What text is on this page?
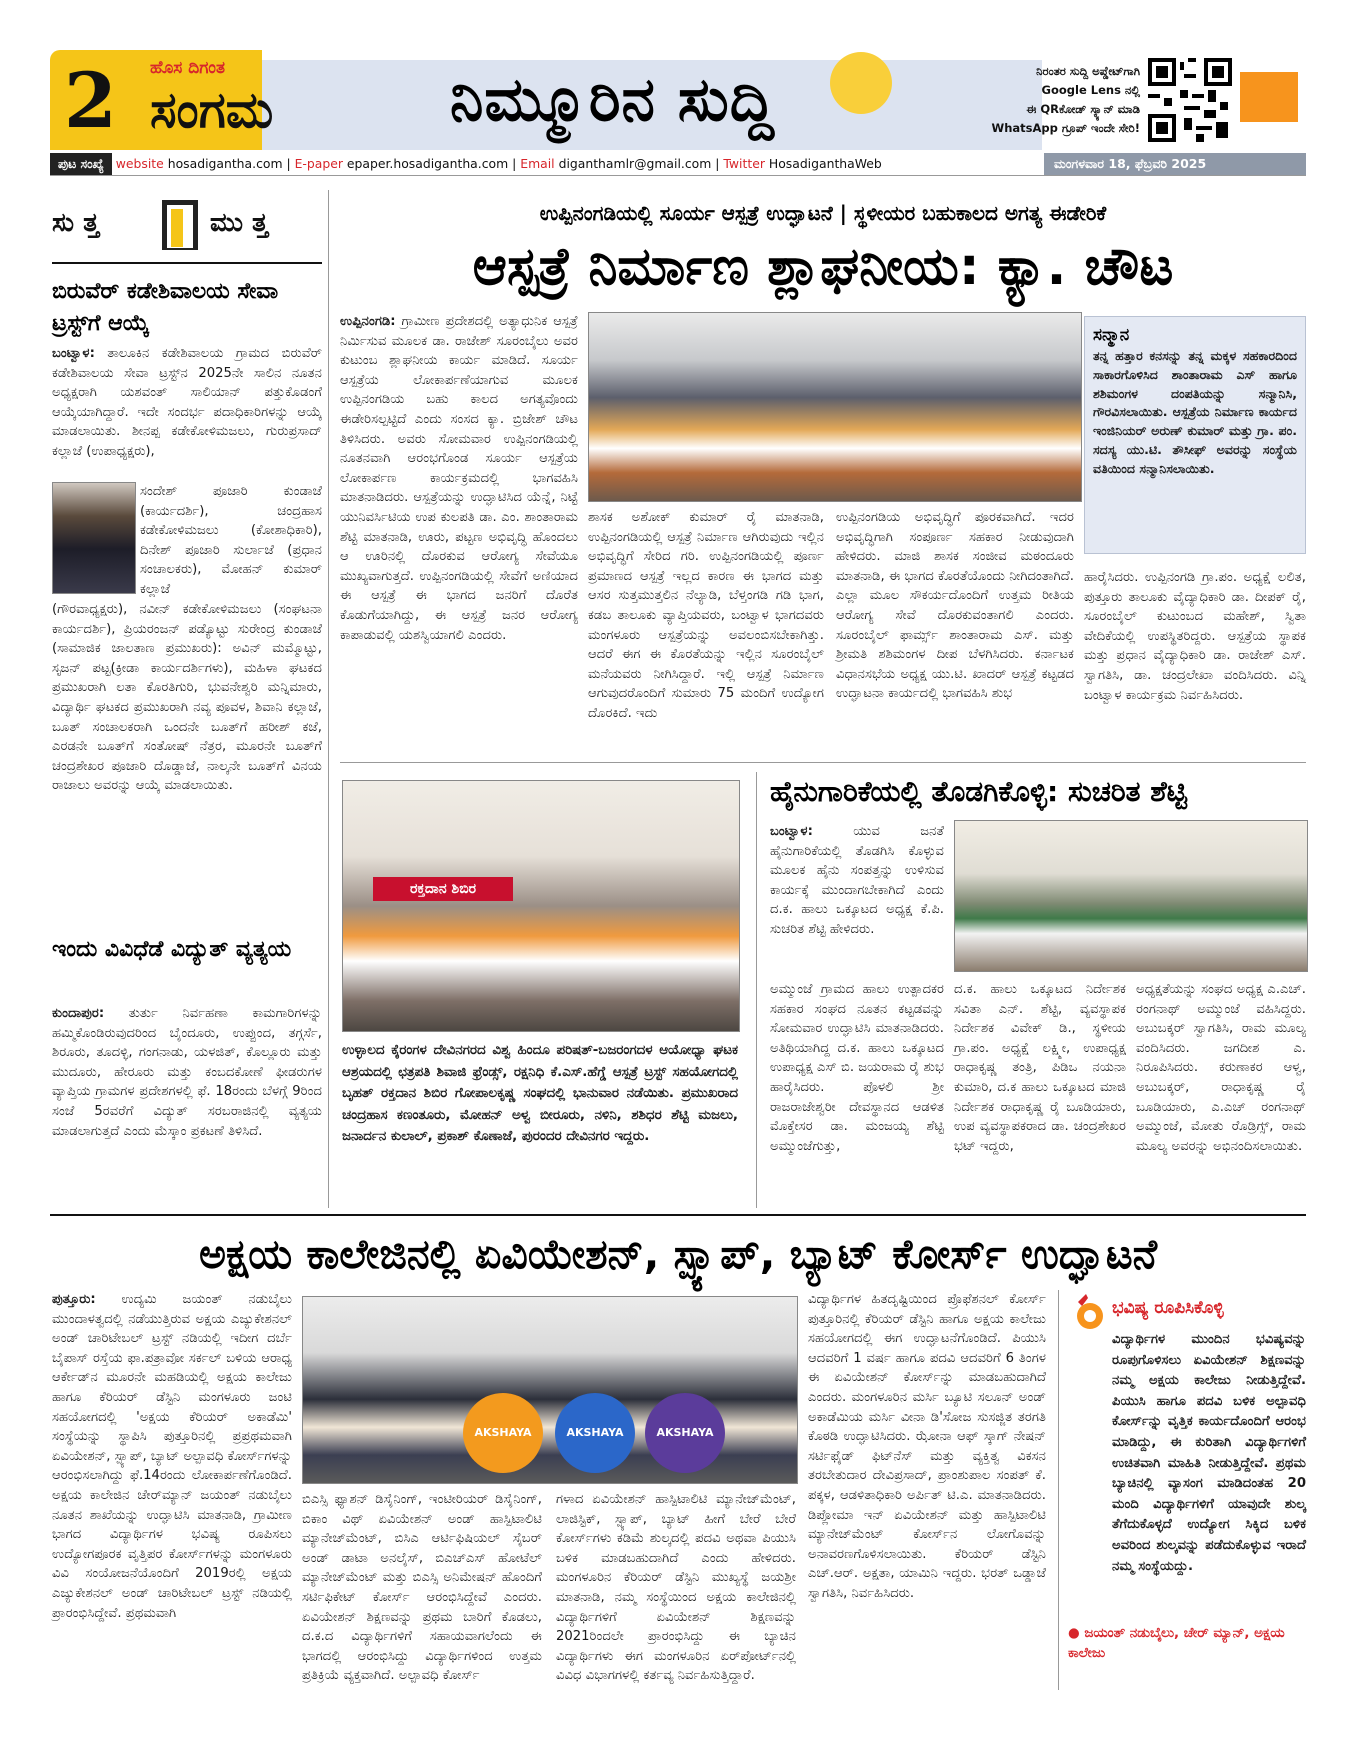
2 ಹೊಸ ದಿಗಂತ
ಸಂಗಮ	ನಿಮ್ಮೂರಿನ ಸುದ್ದಿ	ನಿರಂತರ ಸುದ್ದಿ ಅಪ್ಡೇಟ್‌ಗಾಗಿ
Google Lens ನಲ್ಲಿ
ಈ QRಕೋಡ್ ಸ್ಕ್ಯಾನ್ ಮಾಡಿ
WhatsApp ಗ್ರೂಪ್ ಇಂದೇ ಸೇರಿ!
ಪುಟ ಸಂಖ್ಯೆ website hosadigantha.com | E-paper epaper.hosadigantha.com | Email diganthamlr@gmail.com | Twitter HosadiganthaWeb	ಮಂಗಳವಾರ 18, ಫೆಬ್ರವರಿ 2025
ಸು ತ್ತ	ಮು ತ್ತ
ಬಿರುವೆರ್ ಕಡೇಶಿವಾಲಯ ಸೇವಾ ಟ್ರಸ್ಟ್‌ಗೆ ಆಯ್ಕೆ
ಬಂಟ್ವಾಳ: ತಾಲೂಕಿನ ಕಡೇಶಿವಾಲಯ ಗ್ರಾಮದ ಬಿರುವೆರ್ ಕಡೇಶಿವಾಲಯ ಸೇವಾ ಟ್ರಸ್ಟ್‌ನ 2025ನೇ ಸಾಲಿನ ನೂತನ ಅಧ್ಯಕ್ಷರಾಗಿ ಯಶವಂತ್ ಸಾಲಿಯಾನ್ ಪತ್ತುಕೊಡಂಗೆ ಆಯ್ಕೆಯಾಗಿದ್ದಾರೆ. ಇದೇ ಸಂದರ್ಭ ಪದಾಧಿಕಾರಿಗಳನ್ನು ಆಯ್ಕೆ ಮಾಡಲಾಯಿತು. ಶೀನಪ್ಪ ಕಡೇಕೋಳಿಮಜಲು, ಗುರುಪ್ರಸಾದ್ ಕಲ್ಲಾಜೆ (ಉಪಾಧ್ಯಕ್ಷರು),
ಸಂದೇಶ್ ಪೂಜಾರಿ ಕುಂಡಾಜೆ (ಕಾರ್ಯದರ್ಶಿ), ಚಂದ್ರಹಾಸ ಕಡೇಕೋಳಿಮಜಲು (ಕೋಶಾಧಿಕಾರಿ), ದಿನೇಶ್ ಪೂಜಾರಿ ಸುರ್ಲಾಜೆ (ಪ್ರಧಾನ ಸಂಚಾಲಕರು), ಮೋಹನ್ ಕುಮಾರ್ ಕಲ್ಲಾಜೆ
(ಗೌರವಾಧ್ಯಕ್ಷರು), ನವೀನ್ ಕಡೇಕೋಳಿಮಜಲು (ಸಂಘಟನಾ ಕಾರ್ಯದರ್ಶಿ), ಪ್ರಿಯರಂಜನ್ ಪಡ್ಯೊಟ್ಟು ಸುರೇಂದ್ರ ಕುಂಡಾಜೆ (ಸಾಮಾಜಿಕ ಜಾಲತಾಣ ಪ್ರಮುಖರು): ಅವಿನ್ ಮಮ್ಮೊಟ್ಟು, ಸೃಜನ್ ಪಟ್ಟ(ಕ್ರೀಡಾ ಕಾರ್ಯದರ್ಶಿಗಳು), ಮಹಿಳಾ ಘಟಕದ ಪ್ರಮುಖರಾಗಿ ಲತಾ ಕೊರತಿಗುರಿ, ಭುವನೇಶ್ವರಿ ಮನ್ನಿಮಾರು, ವಿದ್ಯಾರ್ಥಿ ಘಟಕದ ಪ್ರಮುಖರಾಗಿ ನವ್ಯ ಪೂವಳ, ಶಿವಾನಿ ಕಲ್ಲಾಜೆ, ಬೂತ್ ಸಂಚಾಲಕರಾಗಿ ಒಂದನೇ ಬೂತ್‌ಗೆ ಹರೀಶ್ ಕಜೆ, ಎರಡನೇ ಬೂತ್‌ಗೆ ಸಂತೋಷ್ ನೆತ್ರರ, ಮೂರನೇ ಬೂತ್‌ಗೆ ಚಂದ್ರಶೇಖರ ಪೂಜಾರಿ ದೊಡ್ಡಾಜೆ, ನಾಲ್ಕನೇ ಬೂತ್‌ಗೆ ವಿನಯ ರಾಜಾಲು ಅವರನ್ನು ಆಯ್ಕೆ ಮಾಡಲಾಯಿತು.
ಇಂದು ವಿವಿಧೆಡೆ ವಿದ್ಯುತ್ ವ್ಯತ್ಯಯ
ಕುಂದಾಪುರ: ತುರ್ತು ನಿರ್ವಹಣಾ ಕಾಮಗಾರಿಗಳನ್ನು ಹಮ್ಮಿಕೊಂಡಿರುವುದರಿಂದ ಬೈಂದೂರು, ಉಪ್ಪುಂದ, ತಗ್ಗರ್ಸೆ, ಶಿರೂರು, ತೂದಳ್ಳಿ, ಗಂಗನಾಡು, ಯಳಜಿತ್, ಕೊಲ್ಲೂರು ಮತ್ತು ಮುದೂರು, ಹೇರೂರು ಮತ್ತು ಕಂಬದಕೋಣೆ ಫೀಡರುಗಳ ವ್ಯಾಪ್ತಿಯ ಗ್ರಾಮಗಳ ಪ್ರದೇಶಗಳಲ್ಲಿ ಫೆ. 18ರಂದು ಬೆಳಗ್ಗೆ 9ರಿಂದ ಸಂಜೆ 5ರವರೆಗೆ ವಿದ್ಯುತ್ ಸರಬರಾಜಿನಲ್ಲಿ ವ್ಯತ್ಯಯ ಮಾಡಲಾಗುತ್ತದೆ ಎಂದು ಮೆಸ್ಕಾಂ ಪ್ರಕಟಣೆ ತಿಳಿಸಿದೆ.
ಉಪ್ಪಿನಂಗಡಿಯಲ್ಲಿ ಸೂರ್ಯ ಆಸ್ಪತ್ರೆ ಉದ್ಘಾಟನೆ | ಸ್ಥಳೀಯರ ಬಹುಕಾಲದ ಅಗತ್ಯ ಈಡೇರಿಕೆ
ಆಸ್ಪತ್ರೆ ನಿರ್ಮಾಣ ಶ್ಲಾಘನೀಯ: ಕ್ಯಾ. ಚೌಟ
ಉಪ್ಪಿನಂಗಡಿ: ಗ್ರಾಮೀಣ ಪ್ರದೇಶದಲ್ಲಿ ಅತ್ಯಾಧುನಿಕ ಆಸ್ಪತ್ರೆ ನಿರ್ಮಿಸುವ ಮೂಲಕ ಡಾ. ರಾಜೇಶ್ ಸೂರಂಬೈಲು ಅವರ ಕುಟುಂಬ ಶ್ಲಾಘನೀಯ ಕಾರ್ಯ ಮಾಡಿದೆ. ಸೂರ್ಯ ಆಸ್ಪತ್ರೆಯ ಲೋಕಾರ್ಪಣೆಯಾಗುವ ಮೂಲಕ ಉಪ್ಪಿನಂಗಡಿಯ ಬಹು ಕಾಲದ ಅಗತ್ಯವೊಂದು ಈಡೇರಿಸಲ್ಪಟ್ಟಿದೆ ಎಂದು ಸಂಸದ ಕ್ಯಾ. ಬ್ರಿಜೇಶ್ ಚೌಟ ತಿಳಿಸಿದರು. ಅವರು ಸೋಮವಾರ ಉಪ್ಪಿನಂಗಡಿಯಲ್ಲಿ ನೂತನವಾಗಿ ಆರಂಭಗೊಂಡ ಸೂರ್ಯ ಆಸ್ಪತ್ರೆಯ ಲೋಕಾರ್ಪಣ ಕಾರ್ಯಕ್ರಮದಲ್ಲಿ ಭಾಗವಹಿಸಿ ಮಾತನಾಡಿದರು. ಆಸ್ಪತ್ರೆಯನ್ನು ಉದ್ಘಾಟಿಸಿದ ಯೆನ್ನೆ, ನಿಟ್ಟೆ ಯುನಿವರ್ಸಿಟಿಯ ಉಪ ಕುಲಪತಿ ಡಾ. ಎಂ. ಶಾಂತಾರಾಮ ಶೆಟ್ಟಿ ಮಾತನಾಡಿ, ಊರು, ಪಟ್ಟಣ ಅಭಿವೃದ್ಧಿ ಹೊಂದಲು ಆ ಊರಿನಲ್ಲಿ ದೊರಕುವ ಆರೋಗ್ಯ ಸೇವೆಯೂ ಮುಖ್ಯವಾಗುತ್ತದೆ. ಉಪ್ಪಿನಂಗಡಿಯಲ್ಲಿ ಸೇವೆಗೆ ಅಣಿಯಾದ ಈ ಆಸ್ಪತ್ರೆ ಈ ಭಾಗದ ಜನರಿಗೆ ದೊರೆತ ಕೊಡುಗೆಯಾಗಿದ್ದು, ಈ ಆಸ್ಪತ್ರೆ ಜನರ ಆರೋಗ್ಯ ಕಾಪಾಡುವಲ್ಲಿ ಯಶಸ್ವಿಯಾಗಲಿ ಎಂದರು.
ಶಾಸಕ ಅಶೋಕ್ ಕುಮಾರ್ ರೈ ಮಾತನಾಡಿ, ಉಪ್ಪಿನಂಗಡಿಯಲ್ಲಿ ಆಸ್ಪತ್ರೆ ನಿರ್ಮಾಣ ಆಗಿರುವುದು ಇಲ್ಲಿನ ಅಭಿವೃದ್ಧಿಗೆ ಸೇರಿದ ಗರಿ. ಉಪ್ಪಿನಂಗಡಿಯಲ್ಲಿ ಪೂರ್ಣ ಪ್ರಮಾಣದ ಆಸ್ಪತ್ರೆ ಇಲ್ಲದ ಕಾರಣ ಈ ಭಾಗದ ಮತ್ತು ಆಸರ ಸುತ್ತಮುತ್ತಲಿನ ನೆಲ್ಯಾಡಿ, ಬೆಳ್ತಂಗಡಿ ಗಡಿ ಭಾಗ, ಕಡಬ ತಾಲೂಕು ವ್ಯಾಪ್ತಿಯವರು, ಬಂಟ್ವಾಳ ಭಾಗದವರು ಮಂಗಳೂರು ಆಸ್ಪತ್ರೆಯನ್ನು ಅವಲಂಬಿಸಬೇಕಾಗಿತ್ತು. ಆದರೆ ಈಗ ಈ ಕೊರತೆಯನ್ನು ಇಲ್ಲಿನ ಸೂರಂಬೈಲ್ ಮನೆಯವರು ನೀಗಿಸಿದ್ದಾರೆ. ಇಲ್ಲಿ ಆಸ್ಪತ್ರೆ ನಿರ್ಮಾಣ ಆಗುವುದರೊಂದಿಗೆ ಸುಮಾರು 75 ಮಂದಿಗೆ ಉದ್ಯೋಗ ದೊರಕಿದೆ. ಇದು
ಉಪ್ಪಿನಂಗಡಿಯ ಅಭಿವೃದ್ಧಿಗೆ ಪೂರಕವಾಗಿದೆ. ಇದರ ಅಭಿವೃದ್ಧಿಗಾಗಿ ಸಂಪೂರ್ಣ ಸಹಕಾರ ನೀಡುವುದಾಗಿ ಹೇಳಿದರು. ಮಾಜಿ ಶಾಸಕ ಸಂಜೀವ ಮಠಂದೂರು ಮಾತನಾಡಿ, ಈ ಭಾಗದ ಕೊರತೆಯೊಂದು ನೀಗಿದಂತಾಗಿದೆ. ಎಲ್ಲಾ ಮೂಲ ಸೌಕರ್ಯದೊಂದಿಗೆ ಉತ್ತಮ ರೀತಿಯ ಆರೋಗ್ಯ ಸೇವೆ ದೊರಕುವಂತಾಗಲಿ ಎಂದರು. ಸೂರಂಬೈಲ್ ಫಾರ್ಮ್ಸ್ ಶಾಂತಾರಾಮ ಎಸ್. ಮತ್ತು ಶ್ರೀಮತಿ ಶಶಿಮಂಗಳ ದೀಪ ಬೆಳಗಿಸಿದರು. ಕರ್ನಾಟಕ ವಿಧಾನಸಭೆಯ ಅಧ್ಯಕ್ಷ ಯು.ಟಿ. ಖಾದರ್ ಆಸ್ಪತ್ರೆ ಕಟ್ಟಡದ ಉದ್ಘಾಟನಾ ಕಾರ್ಯದಲ್ಲಿ ಭಾಗವಹಿಸಿ ಶುಭ
ಸನ್ಮಾನ
ತನ್ನ ಹತ್ತಾರ ಕನಸನ್ನು ತನ್ನ ಮಕ್ಕಳ ಸಹಕಾರದಿಂದ ಸಾಕಾರಗೊಳಿಸಿದ ಶಾಂತಾರಾಮ ಎಸ್ ಹಾಗೂ ಶಶಿಮಂಗಳ ದಂಪತಿಯನ್ನು ಸನ್ಮಾನಿಸಿ, ಗೌರವಿಸಲಾಯಿತು. ಆಸ್ಪತ್ರೆಯ ನಿರ್ಮಾಣ ಕಾರ್ಯದ ಇಂಜಿನಿಯರ್ ಅರುಣ್ ಕುಮಾರ್ ಮತ್ತು ಗ್ರಾ. ಪಂ. ಸದಸ್ಯ ಯು.ಟಿ. ತೌಸೀಫ್ ಅವರನ್ನು ಸಂಸ್ಥೆಯ ವತಿಯಿಂದ ಸನ್ಮಾನಿಸಲಾಯಿತು.
ಹಾರೈಸಿದರು. ಉಪ್ಪಿನಂಗಡಿ ಗ್ರಾ.ಪಂ. ಅಧ್ಯಕ್ಷೆ ಲಲಿತ, ಪುತ್ತೂರು ತಾಲೂಕು ವೈದ್ಯಾಧಿಕಾರಿ ಡಾ. ದೀಪಕ್ ರೈ, ಸೂರಂಬೈಲ್ ಕುಟುಂಬದ ಮಹೇಶ್, ಸ್ವಿತಾ ವೇದಿಕೆಯಲ್ಲಿ ಉಪಸ್ಥಿತರಿದ್ದರು. ಆಸ್ಪತ್ರೆಯ ಸ್ಥಾಪಕ ಮತ್ತು ಪ್ರಧಾನ ವೈದ್ಯಾಧಿಕಾರಿ ಡಾ. ರಾಜೇಶ್ ಎಸ್. ಸ್ವಾಗತಿಸಿ, ಡಾ. ಚಂದ್ರಲೇಖಾ ವಂದಿಸಿದರು. ವಿನ್ನಿ ಬಂಟ್ವಾಳ ಕಾರ್ಯಕ್ರಮ ನಿರ್ವಹಿಸಿದರು.
ರಕ್ತದಾನ ಶಿಬಿರ
ಉಳ್ಳಾಲದ ಕೈರಂಗಳ ದೇವಿನಗರದ ವಿಶ್ವ ಹಿಂದೂ ಪರಿಷತ್-ಬಜರಂಗದಳ ಆಯೋಧ್ಯಾ ಘಟಕ ಆಶ್ರಯದಲ್ಲಿ ಛತ್ರಪತಿ ಶಿವಾಜಿ ಫ್ರೆಂಡ್ಸ್, ರಕ್ಷನಿಧಿ ಕೆ.ಎಸ್.ಹೆಗ್ಡೆ ಆಸ್ಪತ್ರೆ ಟ್ರಸ್ಟ್ ಸಹಯೋಗದಲ್ಲಿ ಬೃಹತ್ ರಕ್ತದಾನ ಶಿಬಿರ ಗೋಪಾಲಕೃಷ್ಣ ಸಂಘದಲ್ಲಿ ಭಾನುವಾರ ನಡೆಯಿತು. ಪ್ರಮುಖರಾದ ಚಂದ್ರಹಾಸ ಕಣಂತೂರು, ಮೋಹನ್ ಅಳ್ವ ಬೀರೂರು, ನಳಿನಿ, ಶಶಿಧರ ಶೆಟ್ಟಿ ಮಜಲು, ಜನಾರ್ದನ ಕುಲಾಲ್, ಪ್ರಕಾಶ್ ಕೊಣಾಜೆ, ಪುರಂದರ ದೇವಿನಗರ ಇದ್ದರು.
ಹೈನುಗಾರಿಕೆಯಲ್ಲಿ ತೊಡಗಿಕೊಳ್ಳಿ: ಸುಚರಿತ ಶೆಟ್ಟಿ
ಬಂಟ್ವಾಳ:	ಯುವ ಜನತೆ ಹೈನುಗಾರಿಕೆಯಲ್ಲಿ ತೊಡಗಿಸಿ ಕೊಳ್ಳುವ ಮೂಲಕ ಹೈನು ಸಂಪತ್ತನ್ನು ಉಳಿಸುವ ಕಾರ್ಯಕ್ಕೆ ಮುಂದಾಗಬೇಕಾಗಿದೆ ಎಂದು ದ.ಕ. ಹಾಲು ಒಕ್ಕೂಟದ ಅಧ್ಯಕ್ಷ ಕೆ.ಪಿ. ಸುಚರಿತ ಶೆಟ್ಟಿ ಹೇಳಿದರು.
ಅಮ್ಮುಂಜೆ ಗ್ರಾಮದ ಹಾಲು ಉತ್ಪಾದಕರ ಸಹಕಾರ ಸಂಘದ ನೂತನ ಕಟ್ಟಡವನ್ನು ಸೋಮವಾರ ಉದ್ಘಾಟಿಸಿ ಮಾತನಾಡಿದರು. ಅತಿಥಿಯಾಗಿದ್ದ ದ.ಕ. ಹಾಲು ಒಕ್ಕೂಟದ ಉಪಾಧ್ಯಕ್ಷ ಎಸ್ ಬಿ. ಜಯರಾಮ ರೈ ಶುಭ ಹಾರೈಸಿದರು. ಪೊಳಲಿ ಶ್ರೀ ರಾಜರಾಜೇಶ್ವರೀ ದೇವಸ್ಥಾನದ ಆಡಳಿತ ಮೊಕ್ತೇಸರ ಡಾ. ಮಂಜಯ್ಯ ಶೆಟ್ಟಿ ಅಮ್ಮುಂಜೆಗುತ್ತು,
ದ.ಕ. ಹಾಲು ಒಕ್ಕೂಟದ ನಿರ್ದೇಶಕ ಸವಿತಾ ಎನ್. ಶೆಟ್ಟಿ, ವ್ಯವಸ್ಥಾಪಕ ನಿರ್ದೇಶಕ ವಿವೇಕ್ ಡಿ., ಸ್ಥಳೀಯ ಗ್ರಾ.ಪಂ. ಅಧ್ಯಕ್ಷೆ ಲಕ್ಷ್ಮೀ, ಉಪಾಧ್ಯಕ್ಷ ರಾಧಾಕೃಷ್ಣ ತಂತ್ರಿ, ಪಿಡಿಒ ನಯನಾ ಕುಮಾರಿ, ದ.ಕ ಹಾಲು ಒಕ್ಕೂಟದ ಮಾಜಿ ನಿರ್ದೇಶಕ ರಾಧಾಕೃಷ್ಣ ರೈ ಬೂಡಿಯಾರು, ಉಪ ವ್ಯವಸ್ಥಾಪಕರಾದ ಡಾ. ಚಂದ್ರಶೇಖರ ಭಟ್ ಇದ್ದರು,
ಅಧ್ಯಕ್ಷತೆಯನ್ನು ಸಂಘದ ಅಧ್ಯಕ್ಷ ಎ.ಎಚ್. ರಂಗನಾಥ್ ಅಮ್ಮುಂಜೆ ವಹಿಸಿದ್ದರು. ಅಬುಬಕ್ಕರ್ ಸ್ವಾಗತಿಸಿ, ರಾಮ ಮೂಲ್ಯ ವಂದಿಸಿದರು. ಜಗದೀಶ ಎ. ನಿರೂಪಿಸಿದರು. ಕರುಣಾಕರ ಆಳ್ವ, ಅಬುಬಕ್ಕರ್, ರಾಧಾಕೃಷ್ಣ ರೈ ಬೂಡಿಯಾರು, ಎ.ಎಚ್ ರಂಗನಾಥ್ ಅಮ್ಮುಂಜೆ, ಮೋತು ರೊಡ್ರಿಗ್ಸ್, ರಾಮ ಮೂಲ್ಯ ಅವರನ್ನು ಅಭಿನಂದಿಸಲಾಯಿತು.
ಅಕ್ಷಯ ಕಾಲೇಜಿನಲ್ಲಿ ಏವಿಯೇಶನ್, ಸ್ಪ್ಯಾಪ್, ಬ್ಯಾಟ್ ಕೋರ್ಸ್ ಉದ್ಘಾಟನೆ
ಪುತ್ತೂರು: ಉದ್ಯಮಿ ಜಯಂತ್ ನಡುಬೈಲು ಮುಂದಾಳತ್ವದಲ್ಲಿ ನಡೆಯುತ್ತಿರುವ ಅಕ್ಷಯ ಎಜ್ಯುಕೇಶನಲ್ ಅಂಡ್ ಚಾರಿಟೇಬಲ್ ಟ್ರಸ್ಟ್ ನಡಿಯಲ್ಲಿ ಇದೀಗ ದರ್ಬೆ ಬೈಪಾಸ್ ರಸ್ತೆಯ ಫಾ.ಪತ್ರಾವೋ ಸರ್ಕಲ್ ಬಳಿಯ ಆರಾಧ್ಯ ಆರ್ಕೇಡ್‌ನ ಮೂರನೇ ಮಹಡಿಯಲ್ಲಿ ಅಕ್ಷಯ ಕಾಲೇಜು ಹಾಗೂ ಕೆರಿಯರ್ ಡೆಸ್ಟಿನಿ ಮಂಗಳೂರು ಜಂಟಿ ಸಹಯೋಗದಲ್ಲಿ 'ಅಕ್ಷಯ ಕೆರಿಯರ್ ಅಕಾಡೆಮಿ' ಸಂಸ್ಥೆಯನ್ನು ಸ್ಥಾಪಿಸಿ ಪುತ್ತೂರಿನಲ್ಲಿ ಪ್ರಪ್ರಥಮವಾಗಿ ಏವಿಯೇಶನ್, ಸ್ಪ್ಯಾಪ್, ಬ್ಯಾಟ್ ಅಲ್ಪಾವಧಿ ಕೋರ್ಸ್‌ಗಳನ್ನು ಆರಂಭಿಸಲಾಗಿದ್ದು ಫೆ.14ರಂದು ಲೋಕಾರ್ಪಣೆಗೊಂಡಿದೆ. ಅಕ್ಷಯ ಕಾಲೇಜಿನ ಚೇರ್‌ಮ್ಯಾನ್ ಜಯಂತ್ ನಡುಬೈಲು ನೂತನ ಶಾಖೆಯನ್ನು ಉದ್ಘಾಟಿಸಿ ಮಾತನಾಡಿ, ಗ್ರಾಮೀಣ ಭಾಗದ ವಿದ್ಯಾರ್ಥಿಗಳ ಭವಿಷ್ಯ ರೂಪಿಸಲು ಉದ್ಯೋಗಪೂರಕ ವೃತ್ತಿಪರ ಕೋರ್ಸ್‌ಗಳನ್ನು ಮಂಗಳೂರು ವಿವಿ ಸಂಯೋಜನೆಯೊಂದಿಗೆ 2019ರಲ್ಲಿ ಅಕ್ಷಯ ಎಜ್ಯುಕೇಶನಲ್ ಅಂಡ್ ಚಾರಿಟೇಬಲ್ ಟ್ರಸ್ಟ್ ನಡಿಯಲ್ಲಿ ಪ್ರಾರಂಭಿಸಿದ್ದೇವೆ. ಪ್ರಥಮವಾಗಿ
AKSHAYA	AKSHAYA	AKSHAYA
ಬಿಎಸ್ಸಿ ಫ್ಯಾಶನ್ ಡಿಸೈನಿಂಗ್, ಇಂಟೀರಿಯರ್ ಡಿಸೈನಿಂಗ್, ಬಿಕಾಂ ವಿಥ್ ಏವಿಯೇಶನ್ ಅಂಡ್ ಹಾಸ್ಪಿಟಾಲಿಟಿ ಮ್ಯಾನೇಜ್‌ಮೆಂಟ್, ಬಿಸಿಎ ಆರ್ಟಿಫಿಷಿಯಲ್ ಸೈಬರ್ ಅಂಡ್ ಡಾಟಾ ಅನಲೈಸ್, ಬಿಎಚ್‌ಎಸ್ ಹೋಟೆಲ್ ಮ್ಯಾನೇಜ್‌ಮೆಂಟ್ ಮತ್ತು ಬಿಎಸ್ಸಿ ಅನಿಮೇಷನ್ ಹೊಂದಿಗೆ ಸರ್ಟಿಫಿಕೇಟ್ ಕೋರ್ಸ್ ಆರಂಭಿಸಿದ್ದೇವೆ ಎಂದರು. ಏವಿಯೇಶನ್ ಶಿಕ್ಷಣವನ್ನು ಪ್ರಥಮ ಬಾರಿಗೆ ಕೊಡಲು, ದ.ಕ.ದ ವಿದ್ಯಾರ್ಥಿಗಳಿಗೆ ಸಹಾಯವಾಗಲೆಂದು ಈ ಭಾಗದಲ್ಲಿ ಆರಂಭಿಸಿದ್ದು ವಿದ್ಯಾರ್ಥಿಗಳಿಂದ ಉತ್ತಮ ಪ್ರತಿಕ್ರಿಯೆ ವ್ಯಕ್ತವಾಗಿದೆ. ಅಲ್ಪಾವಧಿ ಕೋರ್ಸ್
ಗಳಾದ ಏವಿಯೇಶನ್ ಹಾಸ್ಪಿಟಾಲಿಟಿ ಮ್ಯಾನೇಜ್‌ಮೆಂಟ್, ಲಾಜಿಸ್ಟಿಕ್, ಸ್ಪ್ಯಾಪ್, ಬ್ಯಾಟ್ ಹೀಗೆ ಬೇರೆ ಬೇರೆ ಕೋರ್ಸ್‌ಗಳು ಕಡಿಮೆ ಶುಲ್ಕದಲ್ಲಿ ಪದವಿ ಅಥವಾ ಪಿಯುಸಿ ಬಳಿಕ ಮಾಡಬಹುದಾಗಿದೆ ಎಂದು ಹೇಳಿದರು. ಮಂಗಳೂರಿನ ಕೆರಿಯರ್ ಡೆಸ್ಟಿನಿ ಮುಖ್ಯಸ್ಥೆ ಜಯಶ್ರೀ ಮಾತನಾಡಿ, ನಮ್ಮ ಸಂಸ್ಥೆಯಿಂದ ಅಕ್ಷಯ ಕಾಲೇಜಿನಲ್ಲಿ ವಿದ್ಯಾರ್ಥಿಗಳಿಗೆ ಏವಿಯೇಶನ್ ಶಿಕ್ಷಣವನ್ನು 2021ರಿಂದಲೇ ಪ್ರಾರಂಭಿಸಿದ್ದು ಈ ಬ್ಯಾಚಿನ ವಿದ್ಯಾರ್ಥಿಗಳು ಈಗ ಮಂಗಳೂರಿನ ಏರ್‌ಪೋರ್ಟ್‌ನಲ್ಲಿ ವಿವಿಧ ವಿಭಾಗಗಳಲ್ಲಿ ಕರ್ತವ್ಯ ನಿರ್ವಹಿಸುತ್ತಿದ್ದಾರೆ.
ವಿದ್ಯಾರ್ಥಿಗಳ ಹಿತದೃಷ್ಟಿಯಿಂದ ಪ್ರೊಫೆಶನಲ್ ಕೋರ್ಸ್ ಪುತ್ತೂರಿನಲ್ಲಿ ಕೆರಿಯರ್ ಡೆಸ್ಟಿನಿ ಹಾಗೂ ಅಕ್ಷಯ ಕಾಲೇಜು ಸಹಯೋಗದಲ್ಲಿ ಈಗ ಉದ್ಘಾಟನೆಗೊಂಡಿದೆ. ಪಿಯುಸಿ ಆದವರಿಗೆ 1 ವರ್ಷ ಹಾಗೂ ಪದವಿ ಆದವರಿಗೆ 6 ತಿಂಗಳ ಈ ಏವಿಯೇಶನ್ ಕೋರ್ಸ್‌ನ್ನು ಮಾಡಬಹುದಾಗಿದೆ ಎಂದರು. ಮಂಗಳೂರಿನ ಮರ್ಸಿ ಬ್ಯೂಟಿ ಸಲೂನ್ ಅಂಡ್ ಅಕಾಡೆಮಿಯ ಮರ್ಸಿ ವೀನಾ ಡಿ'ಸೋಜ ಸುಸಜ್ಜಿತ ತರಗತಿ ಕೊಠಡಿ ಉದ್ಘಾಟಿಸಿದರು. ಝೋನಾ ಆಫ್ ಸ್ಕಾಗ್ ನೇಷನ್ ಸರ್ಟಿಫೈಡ್ ಫಿಟ್‌ನೆಸ್ ಮತ್ತು ವ್ಯಕ್ತಿತ್ವ ವಿಕಸನ ತರಬೇತುದಾರ ದೇವಿಪ್ರಸಾದ್, ಪ್ರಾಂಶುಪಾಲ ಸಂಪತ್ ಕೆ. ಪಕ್ಕಳ, ಆಡಳಿತಾಧಿಕಾರಿ ಅರ್ಪಿತ್ ಟಿ.ಎ. ಮಾತನಾಡಿದರು. ಡಿಪ್ಲೋಮಾ ಇನ್ ಏವಿಯೇಶನ್ ಮತ್ತು ಹಾಸ್ಪಿಟಾಲಿಟಿ ಮ್ಯಾನೇಜ್‌ಮೆಂಟ್ ಕೋರ್ಸ್‌ನ ಲೋಗೊವನ್ನು ಅನಾವರಣಗೊಳಿಸಲಾಯಿತು. ಕೆರಿಯರ್ ಡೆಸ್ಟಿನಿ ಎಚ್.ಆರ್. ಅಕ್ಷತಾ, ಯಾಮಿನಿ ಇದ್ದರು. ಭರತ್ ಒಡ್ಡಾಜೆ ಸ್ವಾಗತಿಸಿ, ನಿರ್ವಹಿಸಿದರು.
ಭವಿಷ್ಯ ರೂಪಿಸಿಕೊಳ್ಳಿ
ವಿದ್ಯಾರ್ಥಿಗಳ ಮುಂದಿನ ಭವಿಷ್ಯವನ್ನು ರೂಪುಗೊಳಿಸಲು ಏವಿಯೇಶನ್ ಶಿಕ್ಷಣವನ್ನು ನಮ್ಮ ಅಕ್ಷಯ ಕಾಲೇಜು ನೀಡುತ್ತಿದ್ದೇವೆ. ಪಿಯುಸಿ ಹಾಗೂ ಪದವಿ ಬಳಿಕ ಅಲ್ಪಾವಧಿ ಕೋರ್ಸ್‌ನ್ನು ವೃತ್ತಿಕ ಕಾರ್ಯದೊಂದಿಗೆ ಆರಂಭ ಮಾಡಿದ್ದು, ಈ ಕುರಿತಾಗಿ ವಿದ್ಯಾರ್ಥಿಗಳಿಗೆ ಉಚಿತವಾಗಿ ಮಾಹಿತಿ ನೀಡುತ್ತಿದ್ದೇವೆ. ಪ್ರಥಮ ಬ್ಯಾಚಿನಲ್ಲಿ ವ್ಯಾಸಂಗ ಮಾಡಿದಂತಹ 20 ಮಂದಿ ವಿದ್ಯಾರ್ಥಿಗಳಿಗೆ ಯಾವುದೇ ಶುಲ್ಕ ತೆಗೆದುಕೊಳ್ಳದೆ ಉದ್ಯೋಗ ಸಿಕ್ಕಿದ ಬಳಿಕ ಅವರಿಂದ ಶುಲ್ಕವನ್ನು ಪಡೆದುಕೊಳ್ಳುವ ಇರಾದೆ ನಮ್ಮ ಸಂಸ್ಥೆಯದ್ದು.
● ಜಯಂತ್ ನಡುಬೈಲು, ಚೇರ್ ಮ್ಯಾನ್, ಅಕ್ಷಯ ಕಾಲೇಜು
